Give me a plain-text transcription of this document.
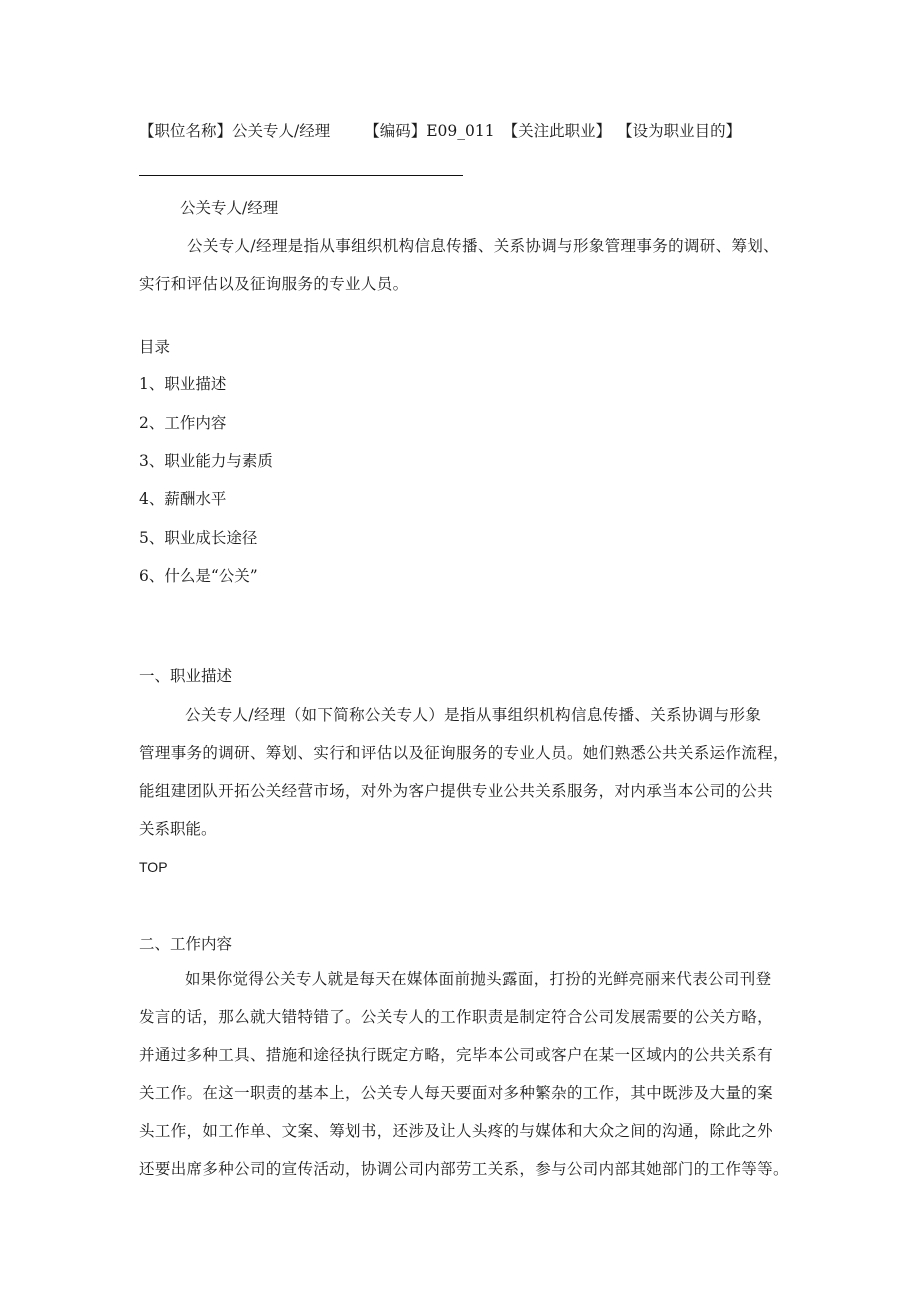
【职位名称】公关专人/经理 【编码】E09_011 【关注此职业】 【设为职业目的】
公关专人/经理
公关专人/经理是指从事组织机构信息传播、关系协调与形象管理事务的调研、筹划、
实行和评估以及征询服务的专业人员。
目录
1、职业描述
2、工作内容
3、职业能力与素质
4、薪酬水平
5、职业成长途径
6、什么是“公关”
一、职业描述
公关专人/经理（如下简称公关专人）是指从事组织机构信息传播、关系协调与形象
管理事务的调研、筹划、实行和评估以及征询服务的专业人员。她们熟悉公共关系运作流程，
能组建团队开拓公关经营市场，对外为客户提供专业公共关系服务，对内承当本公司的公共
关系职能。
TOP
二、工作内容
如果你觉得公关专人就是每天在媒体面前抛头露面，打扮的光鲜亮丽来代表公司刊登
发言的话，那么就大错特错了。公关专人的工作职责是制定符合公司发展需要的公关方略，
并通过多种工具、措施和途径执行既定方略，完毕本公司或客户在某一区域内的公共关系有
关工作。在这一职责的基本上，公关专人每天要面对多种繁杂的工作，其中既涉及大量的案
头工作，如工作单、文案、筹划书，还涉及让人头疼的与媒体和大众之间的沟通，除此之外
还要出席多种公司的宣传活动，协调公司内部劳工关系，参与公司内部其她部门的工作等等。
